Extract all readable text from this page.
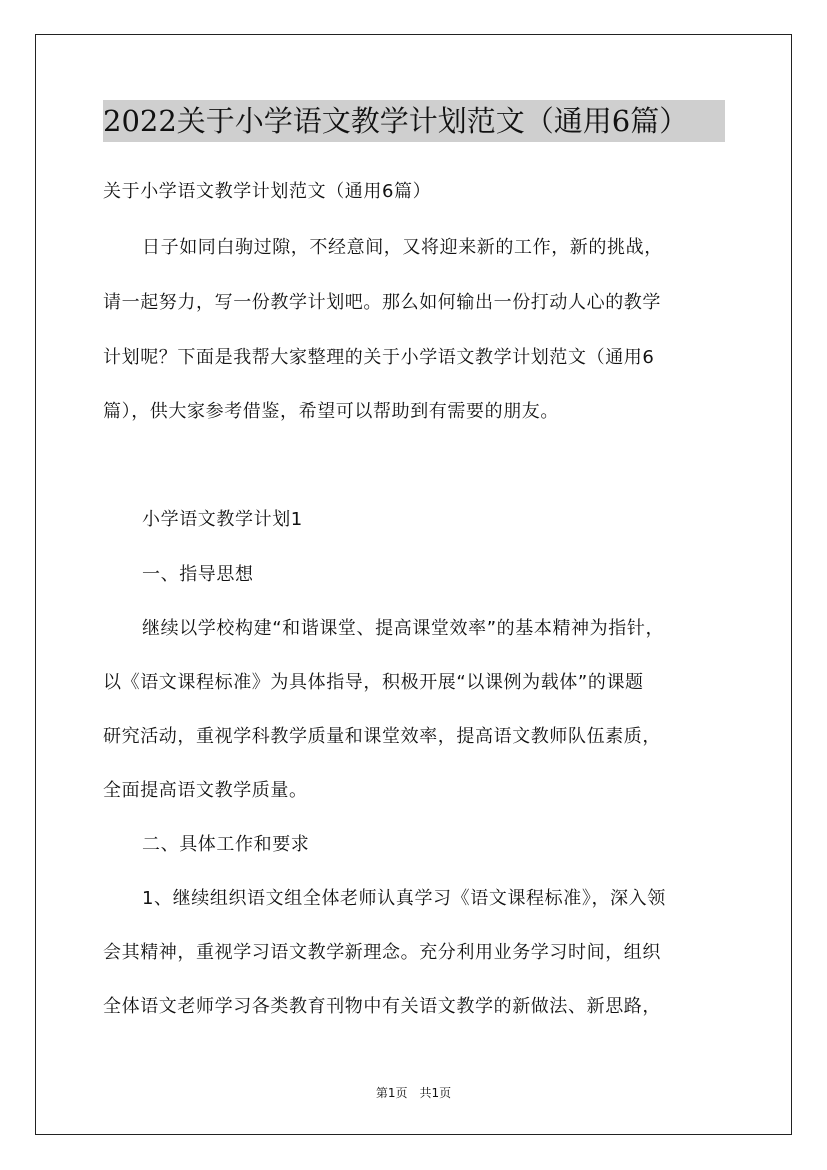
2022关于小学语文教学计划范文（通用6篇）
关于小学语文教学计划范文（通用6篇）
日子如同白驹过隙，不经意间，又将迎来新的工作，新的挑战，
请一起努力，写一份教学计划吧。那么如何输出一份打动人心的教学
计划呢？下面是我帮大家整理的关于小学语文教学计划范文（通用6
篇），供大家参考借鉴，希望可以帮助到有需要的朋友。
小学语文教学计划1
一、指导思想
继续以学校构建“和谐课堂、提高课堂效率”的基本精神为指针，
以《语文课程标准》为具体指导，积极开展“以课例为载体”的课题
研究活动，重视学科教学质量和课堂效率，提高语文教师队伍素质，
全面提高语文教学质量。
二、具体工作和要求
1、继续组织语文组全体老师认真学习《语文课程标准》，深入领
会其精神，重视学习语文教学新理念。充分利用业务学习时间，组织
全体语文老师学习各类教育刊物中有关语文教学的新做法、新思路，
第1页　共1页
